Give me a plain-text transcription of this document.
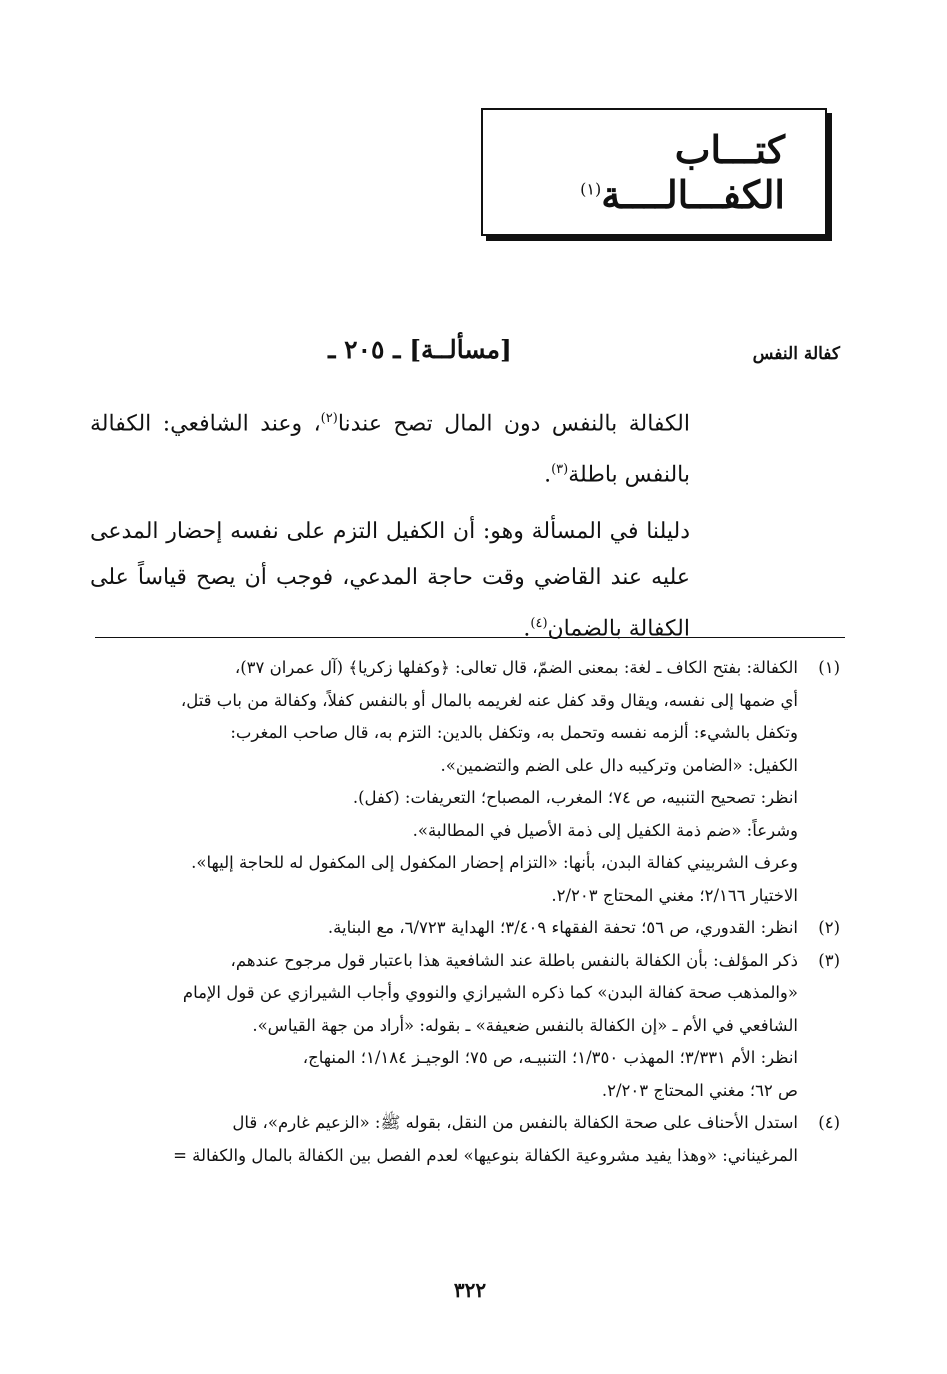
كتـــاب الكفـــالــــة$^{(١)}$
كفالة النفس
[مسألــة] ـ ٢٠٥ ـ

الكفالة بالنفس دون المال تصح عندنا$^{(٢)}$، وعند الشافعي: الكفالة بالنفس باطلة$^{(٣)}$.

دليلنا في المسألة وهو: أن الكفيل التزم على نفسه إحضار المدعى عليه عند القاضي وقت حاجة المدعي، فوجب أن يصح قياساً على الكفالة بالضمان$^{(٤)}$.

(١)
الكفالة: بفتح الكاف ـ لغة: بمعنى الضمّ، قال تعالى: ﴿وكفلها زكريا﴾ (آل عمران ٣٧)،
أي ضمها إلى نفسه، ويقال وقد كفل عنه لغريمه بالمال أو بالنفس كفلاً، وكفالة من باب قتل،
وتكفل بالشيء: ألزمه نفسه وتحمل به، وتكفل بالدين: التزم به، قال صاحب المغرب:
الكفيل: «الضامن وتركيبه دال على الضم والتضمين».
انظر: تصحيح التنبيه، ص ٧٤؛ المغرب، المصباح؛ التعريفات: (كفل).
وشرعاً: «ضم ذمة الكفيل إلى ذمة الأصيل في المطالبة».
وعرف الشربيني كفالة البدن، بأنها: «التزام إحضار المكفول إلى المكفول له للحاجة إليها».
الاختيار ٢/١٦٦؛ مغني المحتاج ٢/٢٠٣.
(٢)
انظر: القدوري، ص ٥٦؛ تحفة الفقهاء ٣/٤٠٩؛ الهداية ٦/٧٢٣، مع البناية.
(٣)
ذكر المؤلف: بأن الكفالة بالنفس باطلة عند الشافعية هذا باعتبار قول مرجوح عندهم،
«والمذهب صحة كفالة البدن» كما ذكره الشيرازي والنووي وأجاب الشيرازي عن قول الإمام
الشافعي في الأم ـ «إن الكفالة بالنفس ضعيفة» ـ بقوله: «أراد من جهة القياس».
انظر: الأم ٣/٣٣١؛ المهذب ١/٣٥٠؛ التنبيـه، ص ٧٥؛ الوجيـز ١/١٨٤؛ المنهاج،
ص ٦٢؛ مغني المحتاج ٢/٢٠٣.
(٤)
استدل الأحناف على صحة الكفالة بالنفس من النقل، بقوله ﷺ: «الزعيم غارم»، قال
المرغيناني: «وهذا يفيد مشروعية الكفالة بنوعيها» لعدم الفصل بين الكفالة بالمال والكفالة =
٣٢٢
